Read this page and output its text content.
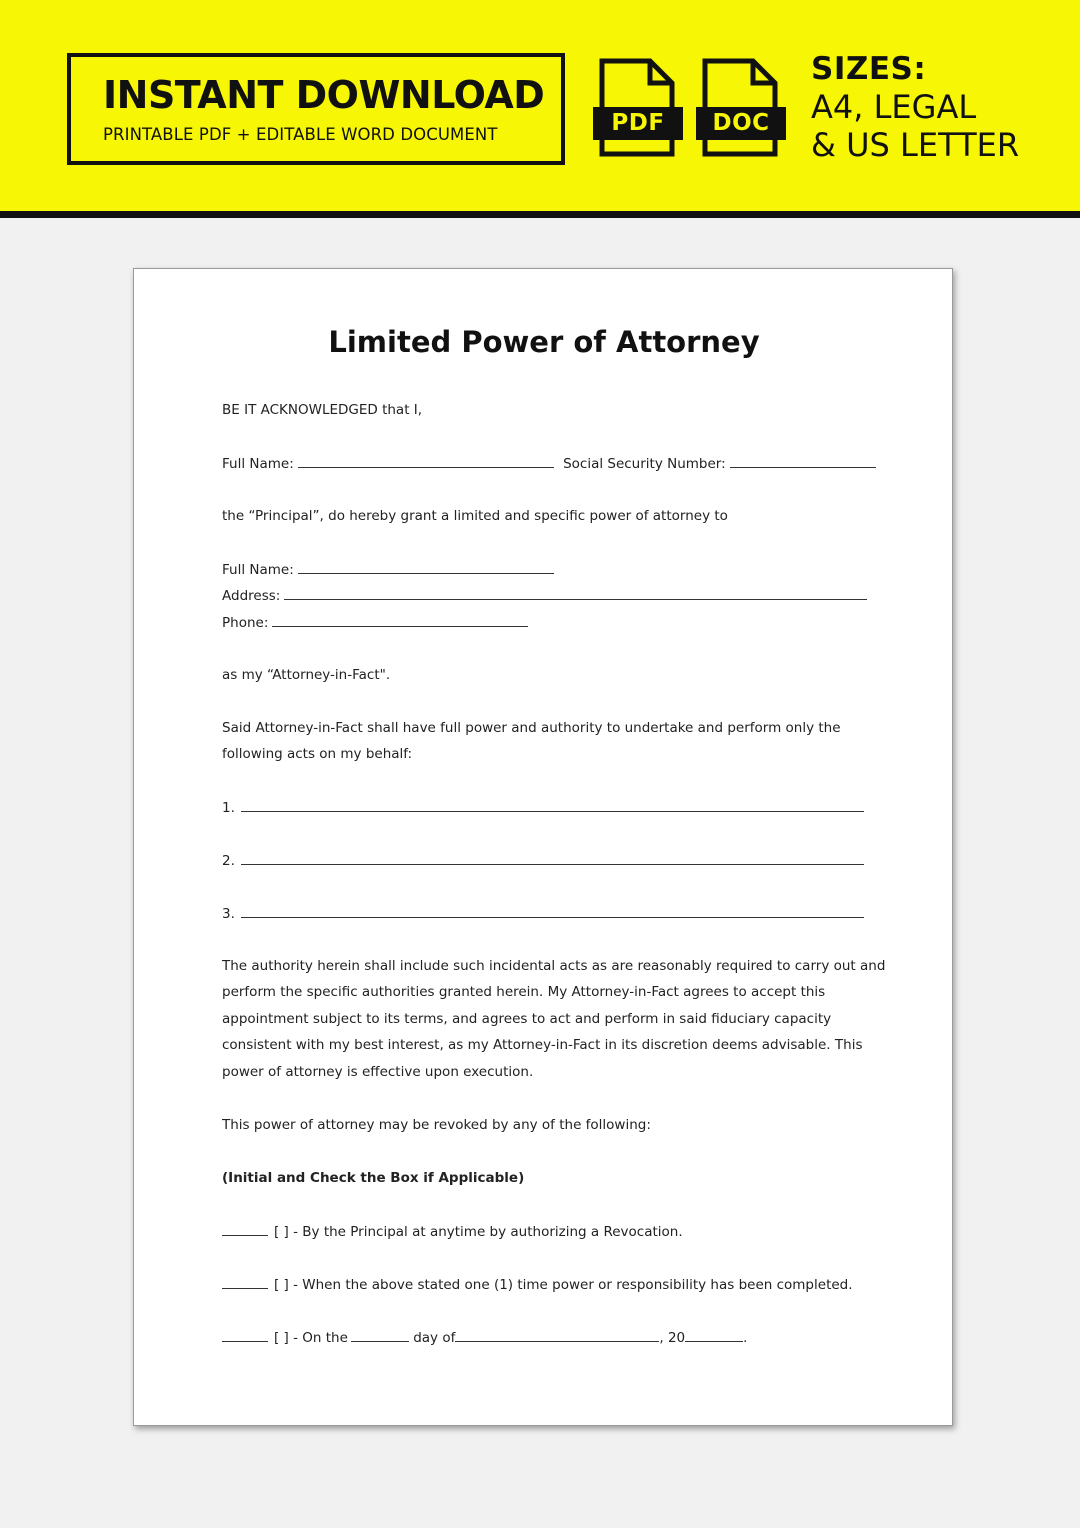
INSTANT DOWNLOAD
PRINTABLE PDF + EDITABLE WORD DOCUMENT	PDF	DOC
SIZES:
A4, LEGAL
& US LETTER
Limited Power of Attorney
BE IT ACKNOWLEDGED that I,
Full Name:	Social Security Number:
the “Principal”, do hereby grant a limited and specific power of attorney to
Full Name:
Address:
Phone:
as my “Attorney-in-Fact".
Said Attorney-in-Fact shall have full power and authority to undertake and perform only the
following acts on my behalf:
1.
2.
3.
The authority herein shall include such incidental acts as are reasonably required to carry out and
perform the specific authorities granted herein. My Attorney-in-Fact agrees to accept this
appointment subject to its terms, and agrees to act and perform in said fiduciary capacity
consistent with my best interest, as my Attorney-in-Fact in its discretion deems advisable. This
power of attorney is effective upon execution.
This power of attorney may be revoked by any of the following:
(Initial and Check the Box if Applicable)
[ ] - By the Principal at anytime by authorizing a Revocation.
[ ] - When the above stated one (1) time power or responsibility has been completed.
[ ] - On the	day of	, 20	.
